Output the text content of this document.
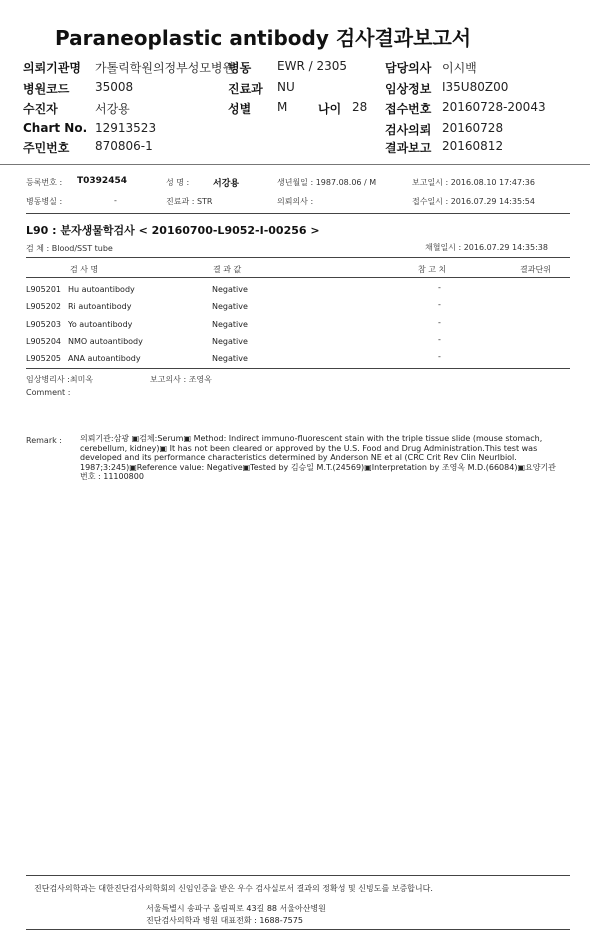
Paraneoplastic antibody 검사결과보고서
의뢰기관명 가톨릭학원의정부성모병원
병원코드 35008
수진자	서강용
Chart No. 12913523
주민번호 870806-1
병동 EWR / 2305
진료과 NU
성별 M	나이 28
담당의사 이시백
임상정보 I35U80Z00
접수번호 20160728-20043
검사의뢰 20160728
결과보고 20160812
등록번호 : T0392454	성 명 :	서강용	생년월일 : 1987.08.06 / M	보고일시 : 2016.08.10 17:47:36
병동병실 :	-	진료과 : STR	의뢰의사 :	접수일시 : 2016.07.29 14:35:54
L90 : 분자생물학검사 < 20160700-L9052-I-00256 >
검 체 : Blood/SST tube	채혈일시 : 2016.07.29 14:35:38
검 사 명	결 과 값	참 고 치	결과단위
L905201 Hu autoantibody	Negative	-
L905202 Ri autoantibody	Negative	-
L905203 Yo autoantibody	Negative	-
L905204 NMO autoantibody	Negative	-
L905205 ANA autoantibody	Negative	-
임상병리사 :최미옥	보고의사 : 조영옥
Comment :
Remark : 의뢰기관:삼광 ▣검체:Serum▣ Method: Indirect immuno-fluorescent stain with the triple tissue slide (mouse stomach, cerebellum, kidney)▣ It has not been cleared or approved by the U.S. Food and Drug Administration.This test was developed and its performance characteristics determined by Anderson NE et al (CRC Crit Rev Clin Neurlbiol. 1987;3:245)▣Reference value: Negative▣Tested by 김승일 M.T.(24569)▣Interpretation by 조영옥 M.D.(66084)▣요양기관번호 : 11100800
진단검사의학과는 대한진단검사의학회의 신임인증을 받은 우수 검사실로서 결과의 정확성 및 신빙도를 보증합니다.
서울특별시 송파구 올림픽로 43길 88 서울아산병원
진단검사의학과 병원 대표전화 : 1688-7575
